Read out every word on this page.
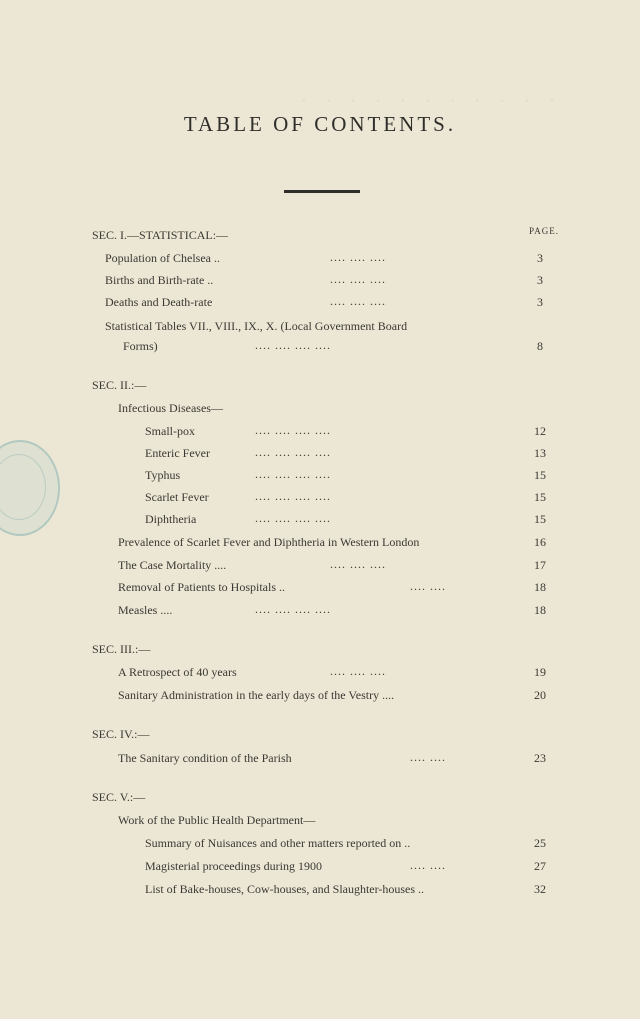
· · · · · · · · · · ·
TABLE OF CONTENTS.
PAGE.
SEC. I.—STATISTICAL:—
Population of Chelsea ..	.... .... ....	3
Births and Birth-rate ..	.... .... ....	3
Deaths and Death-rate	.... .... ....	3
Statistical Tables VII., VIII., IX., X. (Local Government Board
Forms)	.... .... .... ....	8
SEC. II.:—
Infectious Diseases—
Small-pox	.... .... .... ....	12
Enteric Fever	.... .... .... ....	13
Typhus	.... .... .... ....	15
Scarlet Fever	.... .... .... ....	15
Diphtheria	.... .... .... ....	15
Prevalence of Scarlet Fever and Diphtheria in Western London	16
The Case Mortality ....	.... .... ....	17
Removal of Patients to Hospitals ..	.... ....	18
Measles ....	.... .... .... ....	18
SEC. III.:—
A Retrospect of 40 years	.... .... ....	19
Sanitary Administration in the early days of the Vestry ....	20
SEC. IV.:—
The Sanitary condition of the Parish	.... ....	23
SEC. V.:—
Work of the Public Health Department—
Summary of Nuisances and other matters reported on ..	25
Magisterial proceedings during 1900	.... ....	27
List of Bake-houses, Cow-houses, and Slaughter-houses ..	32
